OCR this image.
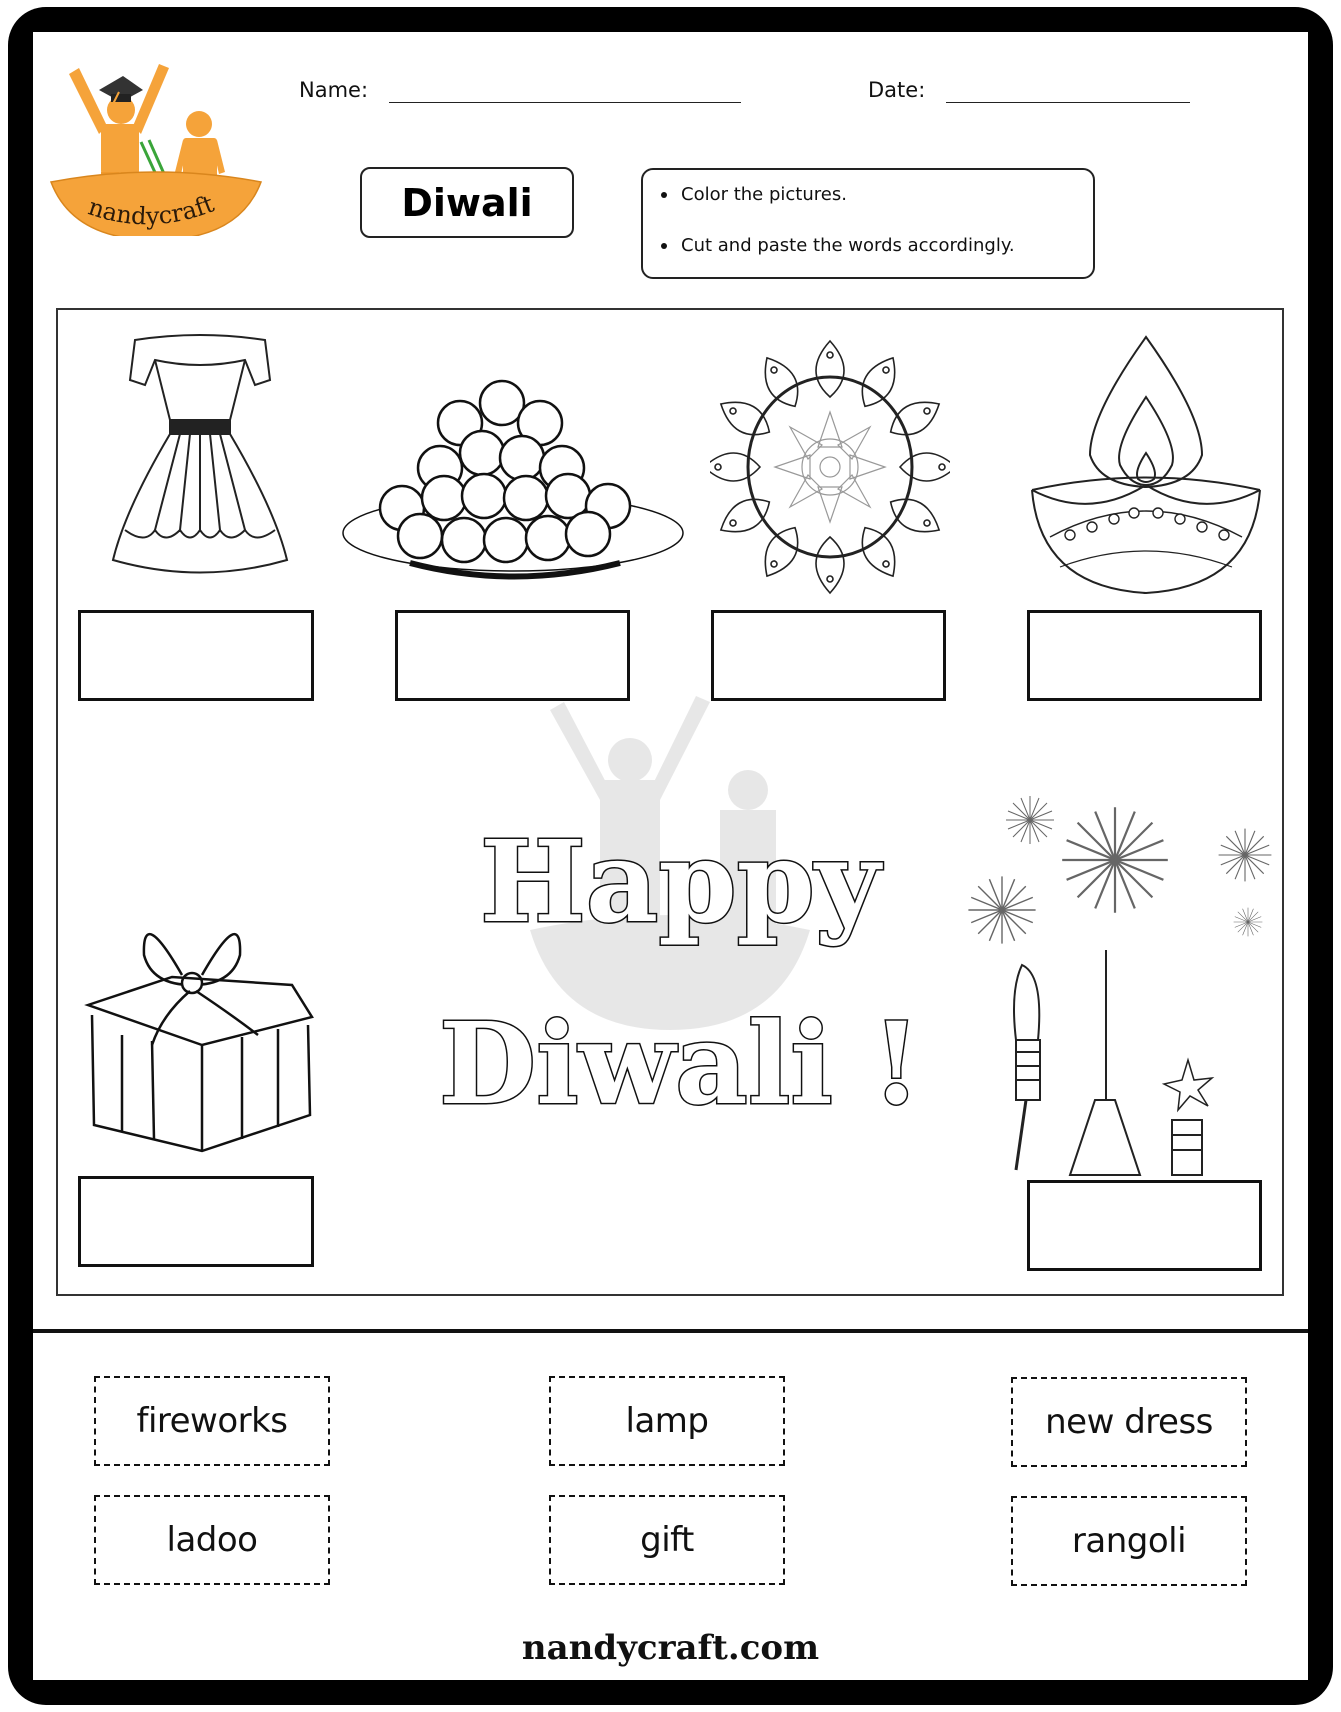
nandycraft
Name:	Date:
Diwali	Color the pictures.
Cut and paste the words accordingly.
Happy
Diwali !
fireworks	lamp	new dress
ladoo	gift	rangoli
nandycraft.com
